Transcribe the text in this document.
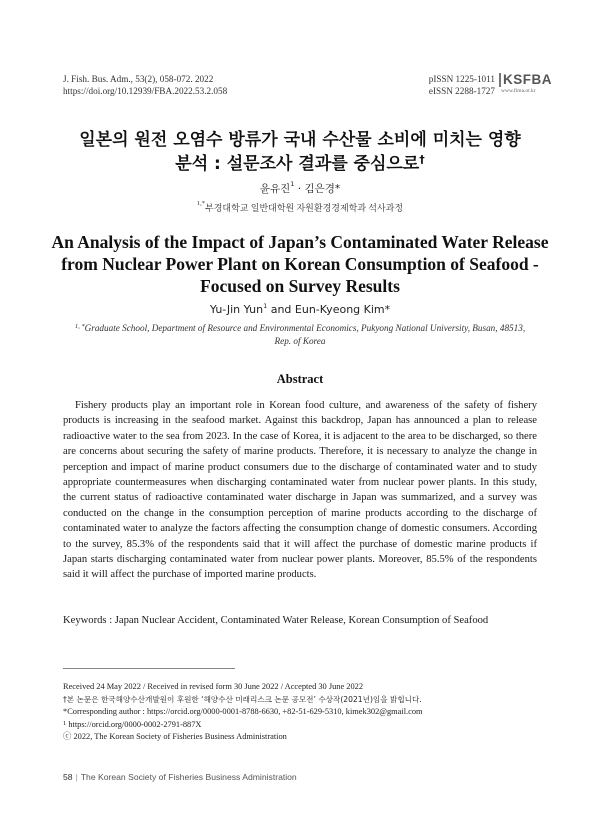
J. Fish. Bus. Adm., 53(2), 058-072. 2022
https://doi.org/10.12939/FBA.2022.53.2.058
pISSN 1225-1011
eISSN 2288-1727
KSFBA
www.fima.or.kr
일본의 원전 오염수 방류가 국내 수산물 소비에 미치는 영향
분석 : 설문조사 결과를 중심으로†
윤유진$^1$ · 김은경*
$^{1,*}$부경대학교 일반대학원 자원환경경제학과 석사과정
An Analysis of the Impact of Japan’s Contaminated Water Release
from Nuclear Power Plant on Korean Consumption of Seafood -
Focused on Survey Results
Yu-Jin Yun$^1$ and Eun-Kyeong Kim*
$^{1, *}$Graduate School, Department of Resource and Environmental Economics, Pukyong National University, Busan, 48513, Rep. of Korea
Abstract

Fishery products play an important role in Korean food culture, and awareness of the safety of fishery products is increasing in the seafood market. Against this backdrop, Japan has announced a plan to release radioactive water to the sea from 2023. In the case of Korea, it is adjacent to the area to be discharged, so there are concerns about securing the safety of marine products. Therefore, it is necessary to analyze the change in perception and impact of marine product consumers due to the discharge of contaminated water and to study appropriate countermeasures when discharging contaminated water from nuclear power plants. In this study, the current status of radioactive contaminated water discharge in Japan was summarized, and a survey was conducted on the change in the consumption perception of marine products according to the discharge of contaminated water to analyze the factors affecting the consumption change of domestic consumers. According to the survey, 85.3% of the respondents said that it will affect the purchase of domestic marine products if Japan starts discharging contaminated water from nuclear power plants. Moreover, 85.5% of the respondents said it will affect the purchase of imported marine products.

Keywords : Japan Nuclear Accident, Contaminated Water Release, Korean Consumption of Seafood
Received 24 May 2022 / Received in revised form 30 June 2022 / Accepted 30 June 2022
†본 논문은 한국해양수산개발원이 후원한 ‘해양수산 미래리스크 논문 공모전’ 수상작(2021년)임을 밝힙니다.
*Corresponding author : https://orcid.org/0000-0001-8788-6630, +82-51-629-5310, kimek302@gmail.com
$^1$ https://orcid.org/0000-0002-2791-887X
ⓒ 2022, The Korean Society of Fisheries Business Administration
58 | The Korean Society of Fisheries Business Administration
